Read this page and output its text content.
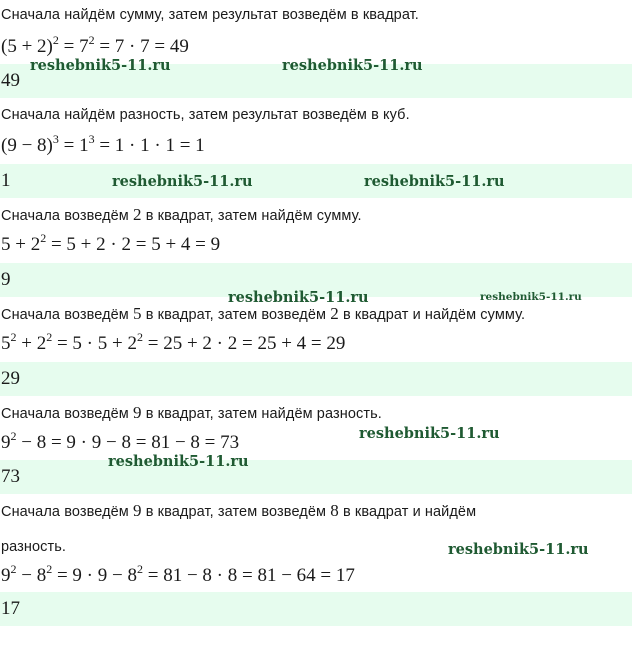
Сначала найдём сумму, затем результат возведём в квадрат.
$(5 + 2)^2 = 7^2 = 7 \cdot 7 = 49$
49
Сначала найдём разность, затем результат возведём в куб.
$(9 - 8)^3 = 1^3 = 1 \cdot 1 \cdot 1 = 1$
1
Сначала возведём 2 в квадрат, затем найдём сумму.
$5 + 2^2 = 5 + 2 \cdot 2 = 5 + 4 = 9$
9
Сначала возведём 5 в квадрат, затем возведём 2 в квадрат и найдём сумму.
$5^2 + 2^2 = 5 \cdot 5 + 2^2 = 25 + 2 \cdot 2 = 25 + 4 = 29$
29
Сначала возведём 9 в квадрат, затем найдём разность.
$9^2 - 8 = 9 \cdot 9 - 8 = 81 - 8 = 73$
73
Сначала возведём 9 в квадрат, затем возведём 8 в квадрат и найдём
разность.
$9^2 - 8^2 = 9 \cdot 9 - 8^2 = 81 - 8 \cdot 8 = 81 - 64 = 17$
17
reshebnik5-11.ru	reshebnik5-11.ru
reshebnik5-11.ru	reshebnik5-11.ru
reshebnik5-11.ru	reshebnik5-11.ru
reshebnik5-11.ru
reshebnik5-11.ru
reshebnik5-11.ru
